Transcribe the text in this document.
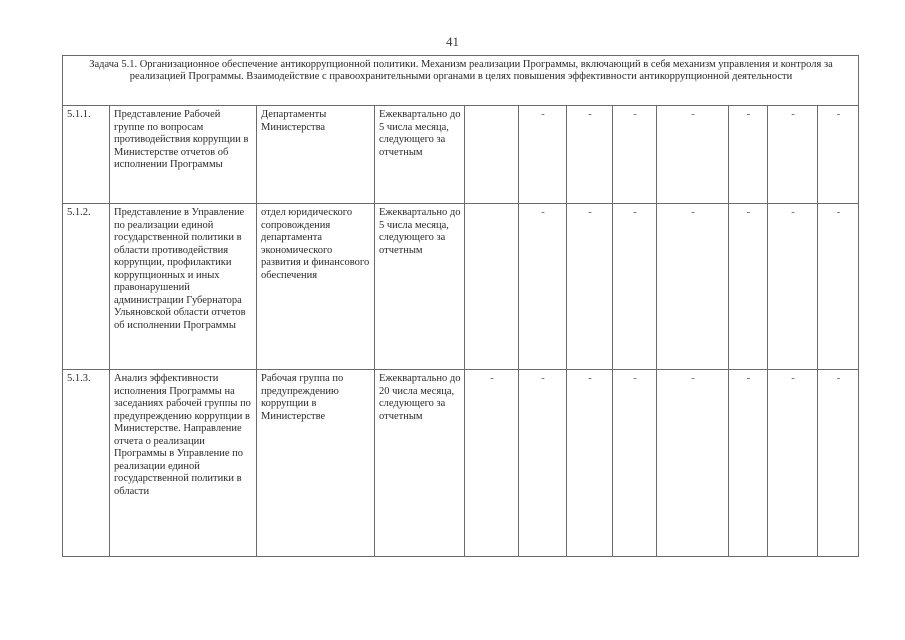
41
Задача 5.1. Организационное обеспечение антикоррупционной политики. Механизм реализации Программы, включающий в себя механизм управления и контроля за реализацией Программы. Взаимодействие с правоохранительными органами в целях повышения эффективности антикоррупционной деятельности											
5.1.1.	Представление Рабочей группе по вопросам противодействия коррупции в Министерстве отчетов об исполнении Программы	Департаменты Министерства	Ежеквартально до 5 числа месяца, следующего за отчетным		-	-	-	-	-	-	-
5.1.2.	Представление в Управление по реализации единой государственной политики в области противодействия коррупции, профилактики коррупционных и иных правонарушений администрации Губернатора Ульяновской области отчетов об исполнении Программы	отдел юридического сопровождения департамента экономического развития и финансового обеспечения	Ежеквартально до 5 числа месяца, следующего за отчетным		-	-	-	-	-	-	-
5.1.3.	Анализ эффективности исполнения Программы на заседаниях рабочей группы по предупреждению коррупции в Министерстве. Направление отчета о реализации Программы в Управление по реализации единой государственной политики в области	Рабочая группа по предупреждению коррупции в Министерстве	Ежеквартально до 20 числа месяца, следующего за отчетным	-	-	-	-	-	-	-	-
